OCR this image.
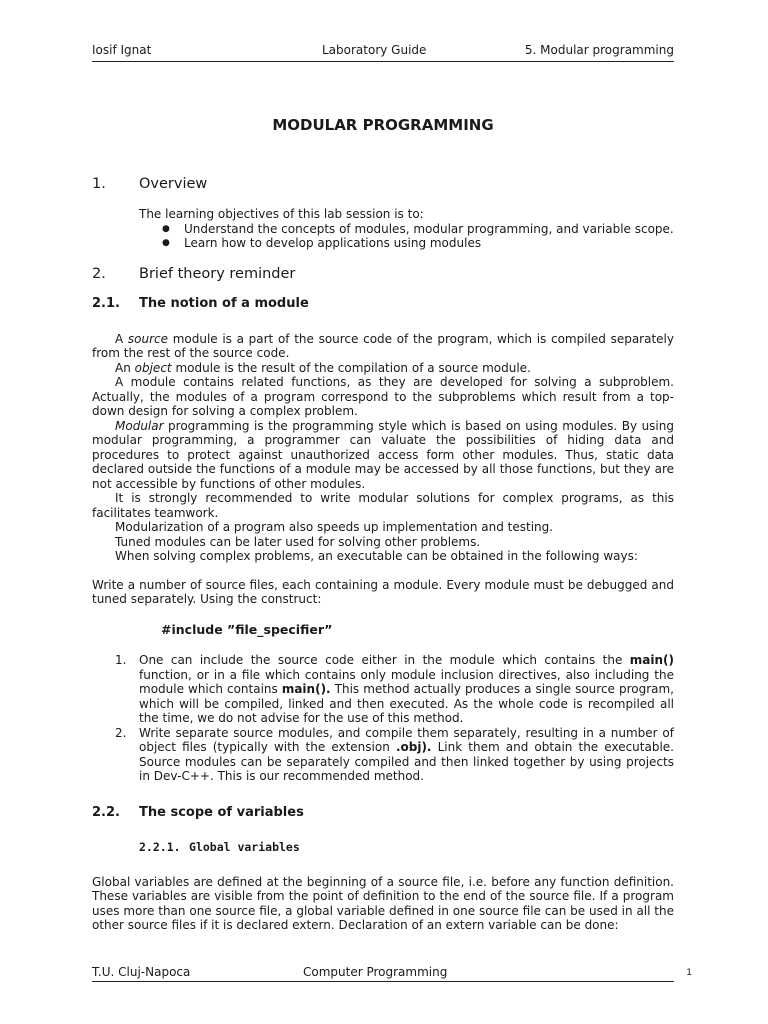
Iosif Ignat	Laboratory Guide	5. Modular programming
MODULAR PROGRAMMING
1.	Overview

The learning objectives of this lab session is to:

● Understand the concepts of modules, modular programming, and variable scope.
● Learn how to develop applications using modules
2.	Brief theory reminder
2.1.	The notion of a module

A source module is a part of the source code of the program, which is compiled separately from the rest of the source code.

An object module is the result of the compilation of a source module.

A module contains related functions, as they are developed for solving a subproblem. Actually, the modules of a program correspond to the subproblems which result from a top-down design for solving a complex problem.

Modular programming is the programming style which is based on using modules. By using modular programming, a programmer can valuate the possibilities of hiding data and procedures to protect against unauthorized access form other modules. Thus, static data declared outside the functions of a module may be accessed by all those functions, but they are not accessible by functions of other modules.

It is strongly recommended to write modular solutions for complex programs, as this facilitates teamwork.

Modularization of a program also speeds up implementation and testing.

Tuned modules can be later used for solving other problems.

When solving complex problems, an executable can be obtained in the following ways:

Write a number of source files, each containing a module. Every module must be debugged and tuned separately. Using the construct:

#include ”file_specifier”
1. One can include the source code either in the module which contains the main() function, or in a file which contains only module inclusion directives, also including the module which contains main(). This method actually produces a single source program, which will be compiled, linked and then executed. As the whole code is recompiled all the time, we do not advise for the use of this method.
2. Write separate source modules, and compile them separately, resulting in a number of object files (typically with the extension .obj). Link them and obtain the executable. Source modules can be separately compiled and then linked together by using projects in Dev-C++. This is our recommended method.
2.2.	The scope of variables
2.2.1. Global variables

Global variables are defined at the beginning of a source file, i.e. before any function definition. These variables are visible from the point of definition to the end of the source file. If a program uses more than one source file, a global variable defined in one source file can be used in all the other source files if it is declared extern. Declaration of an extern variable can be done:

T.U. Cluj-Napoca	Computer Programming	1
